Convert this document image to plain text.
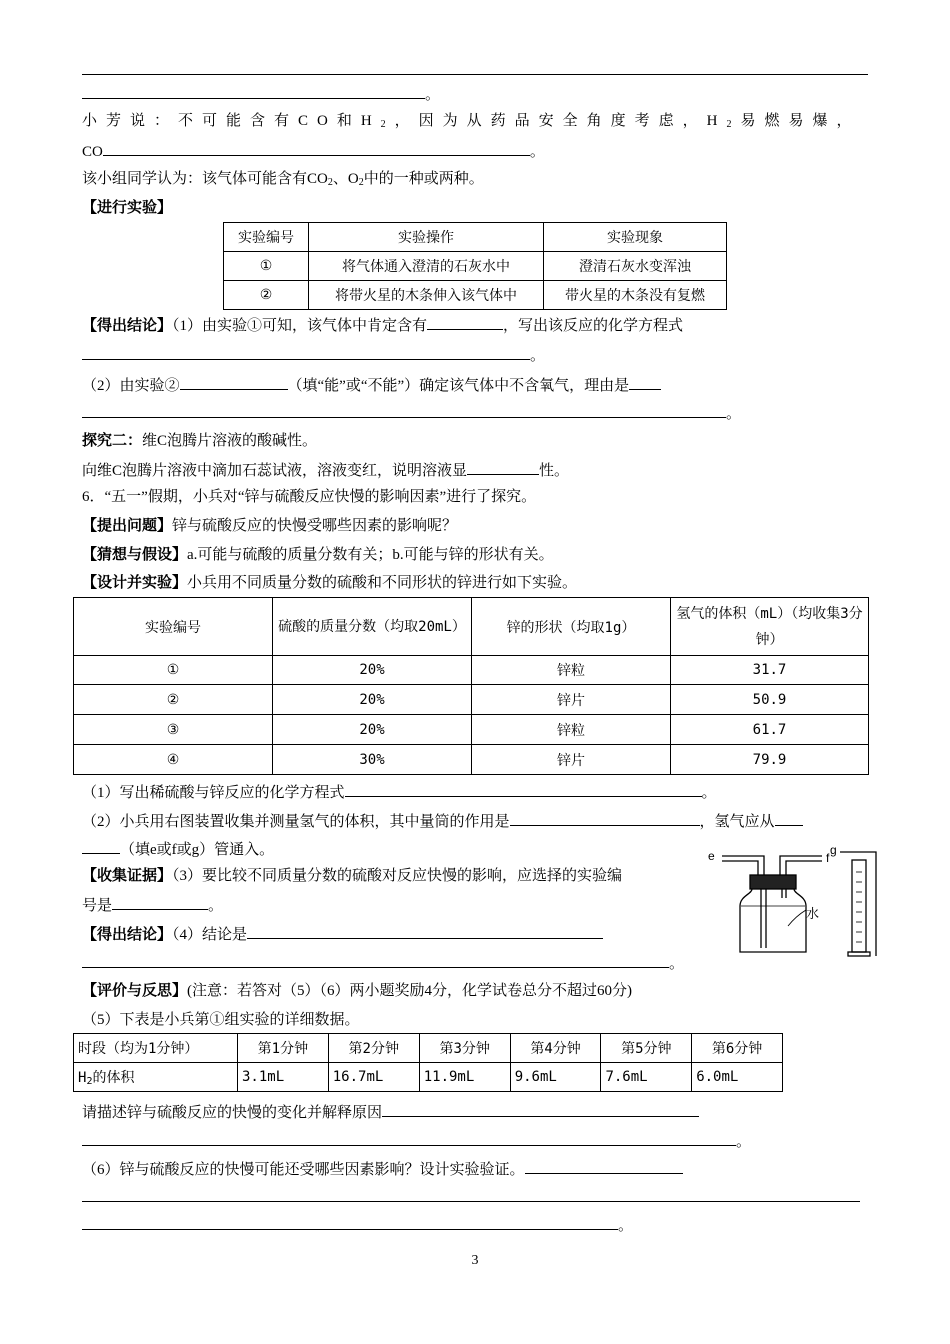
。
小芳说：不可能含有CO和$H_2$，因为从药品安全角度考虑，$H_2$易燃易爆，
CO	。
该小组同学认为：该气体可能含有$CO_2$、$O_2$中的一种或两种。
【进行实验】
实验编号	实验操作	实验现象
①	将气体通入澄清的石灰水中	澄清石灰水变浑浊
②	将带火星的木条伸入该气体中	带火星的木条没有复燃
【得出结论】（1）由实验①可知，该气体中肯定含有	，写出该反应的化学方程式
。
（2）由实验②	（填“能”或“不能”）确定该气体中不含氧气，理由是
。
探究二：维C泡腾片溶液的酸碱性。
向维C泡腾片溶液中滴加石蕊试液，溶液变红，说明溶液显	性。
6．“五一”假期，小兵对“锌与硫酸反应快慢的影响因素”进行了探究。
【提出问题】锌与硫酸反应的快慢受哪些因素的影响呢？
【猜想与假设】a.可能与硫酸的质量分数有关；b.可能与锌的形状有关。
【设计并实验】小兵用不同质量分数的硫酸和不同形状的锌进行如下实验。
实验编号	硫酸的质量分数（均取20mL）	锌的形状（均取1g）	氢气的体积（mL）（均收集3分钟）
①	20%	锌粒	31.7
②	20%	锌片	50.9
③	20%	锌粒	61.7
④	30%	锌片	79.9
（1）写出稀硫酸与锌反应的化学方程式	。
（2）小兵用右图装置收集并测量氢气的体积，其中量筒的作用是	，氢气应从
（填e或f或g）管通入。
【收集证据】（3）要比较不同质量分数的硫酸对反应快慢的影响，应选择的实验编
号是	。
【得出结论】（4）结论是
。
e	f
g
水
【评价与反思】(注意：若答对（5）（6）两小题奖励4分，化学试卷总分不超过60分)
（5）下表是小兵第①组实验的详细数据。
时段（均为1分钟）	第1分钟	第2分钟	第3分钟	第4分钟	第5分钟	第6分钟
$H_2$的体积	3.1mL	16.7mL	11.9mL	9.6mL	7.6mL	6.0mL
请描述锌与硫酸反应的快慢的变化并解释原因
。
（6）锌与硫酸反应的快慢可能还受哪些因素影响？设计实验验证。
。
3
